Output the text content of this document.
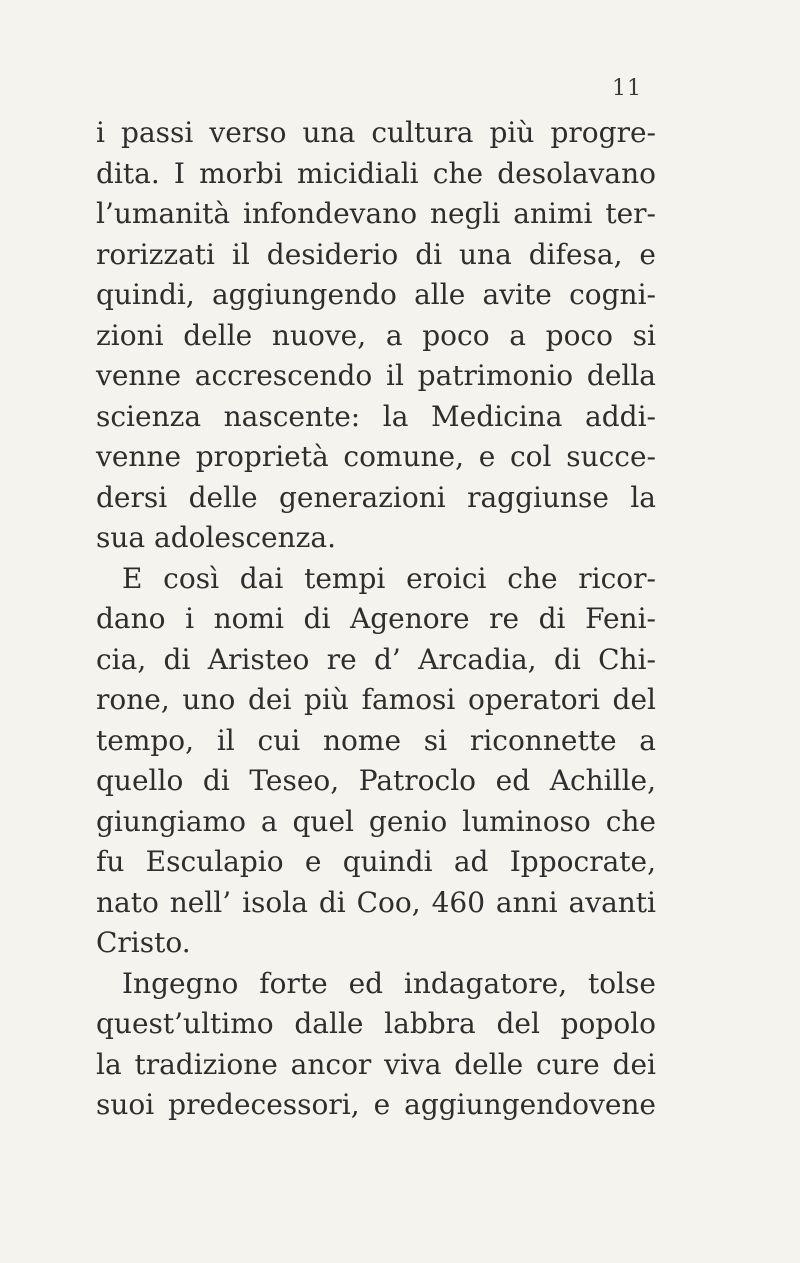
11
i passi verso una cultura più progre-
dita. I morbi micidiali che desolavano
l’umanità infondevano negli animi ter-
rorizzati il desiderio di una difesa, e
quindi, aggiungendo alle avite cogni-
zioni delle nuove, a poco a poco si
venne accrescendo il patrimonio della
scienza nascente: la Medicina addi-
venne proprietà comune, e col succe-
dersi delle generazioni raggiunse la
sua adolescenza.
E così dai tempi eroici che ricor-
dano i nomi di Agenore re di Feni-
cia, di Aristeo re d’ Arcadia, di Chi-
rone, uno dei più famosi operatori del
tempo, il cui nome si riconnette a
quello di Teseo, Patroclo ed Achille,
giungiamo a quel genio luminoso che
fu Esculapio e quindi ad Ippocrate,
nato nell’ isola di Coo, 460 anni avanti
Cristo.
Ingegno forte ed indagatore, tolse
quest’ultimo dalle labbra del popolo
la tradizione ancor viva delle cure dei
suoi predecessori, e aggiungendovene
